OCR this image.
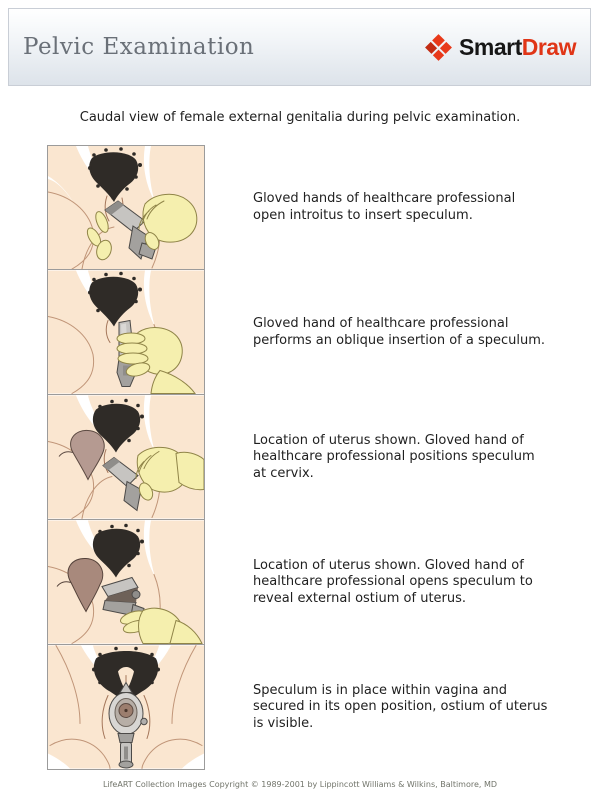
Pelvic Examination	SmartDraw

Caudal view of female external genitalia during pelvic examination.

Gloved hands of healthcare professional open introitus to insert speculum.

Gloved hand of healthcare professional performs an oblique insertion of a speculum.

Location of uterus shown. Gloved hand of healthcare professional positions speculum at cervix.

Location of uterus shown. Gloved hand of healthcare professional opens speculum to reveal external ostium of uterus.

Speculum is in place within vagina and secured in its open position, ostium of uterus is visible.

LifeART Collection Images Copyright © 1989-2001 by Lippincott Williams & Wilkins, Baltimore, MD
